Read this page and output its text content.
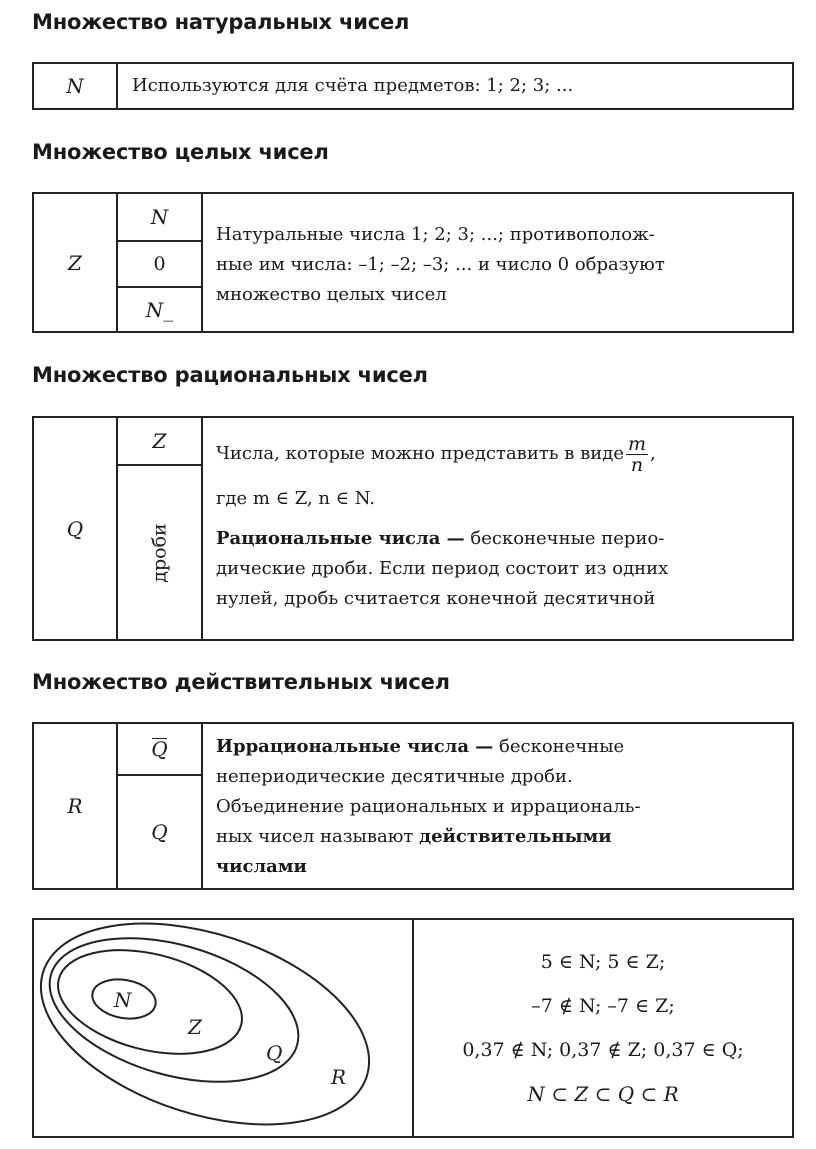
Множество натуральных чисел
N	Используются для счёта предметов: 1; 2; 3; ...
Множество целых чисел
Z
N
0
N_
Натуральные числа 1; 2; 3; ...; противополож-
ные им числа: –1; –2; –3; ... и число 0 образуют
множество целых чисел
Множество рациональных чисел
Q
Z
дроби
Числа, которые можно представить в виде $\frac{m}{n}$ ,
где m ∈ Z, n ∈ N.
Рациональные числа — бесконечные перио-
дические дроби. Если период состоит из одних
нулей, дробь считается конечной десятичной
Множество действительных чисел
R
Q
Q
Иррациональные числа — бесконечные
непериодические десятичные дроби.
Объединение рациональных и иррациональ-
ных чисел называют действительными
числами
N
Z
Q
R
5 ∈ N; 5 ∈ Z;
–7 ∉ N; –7 ∈ Z;
0,37 ∉ N; 0,37 ∉ Z; 0,37 ∈ Q;
N ⊂ Z ⊂ Q ⊂ R
